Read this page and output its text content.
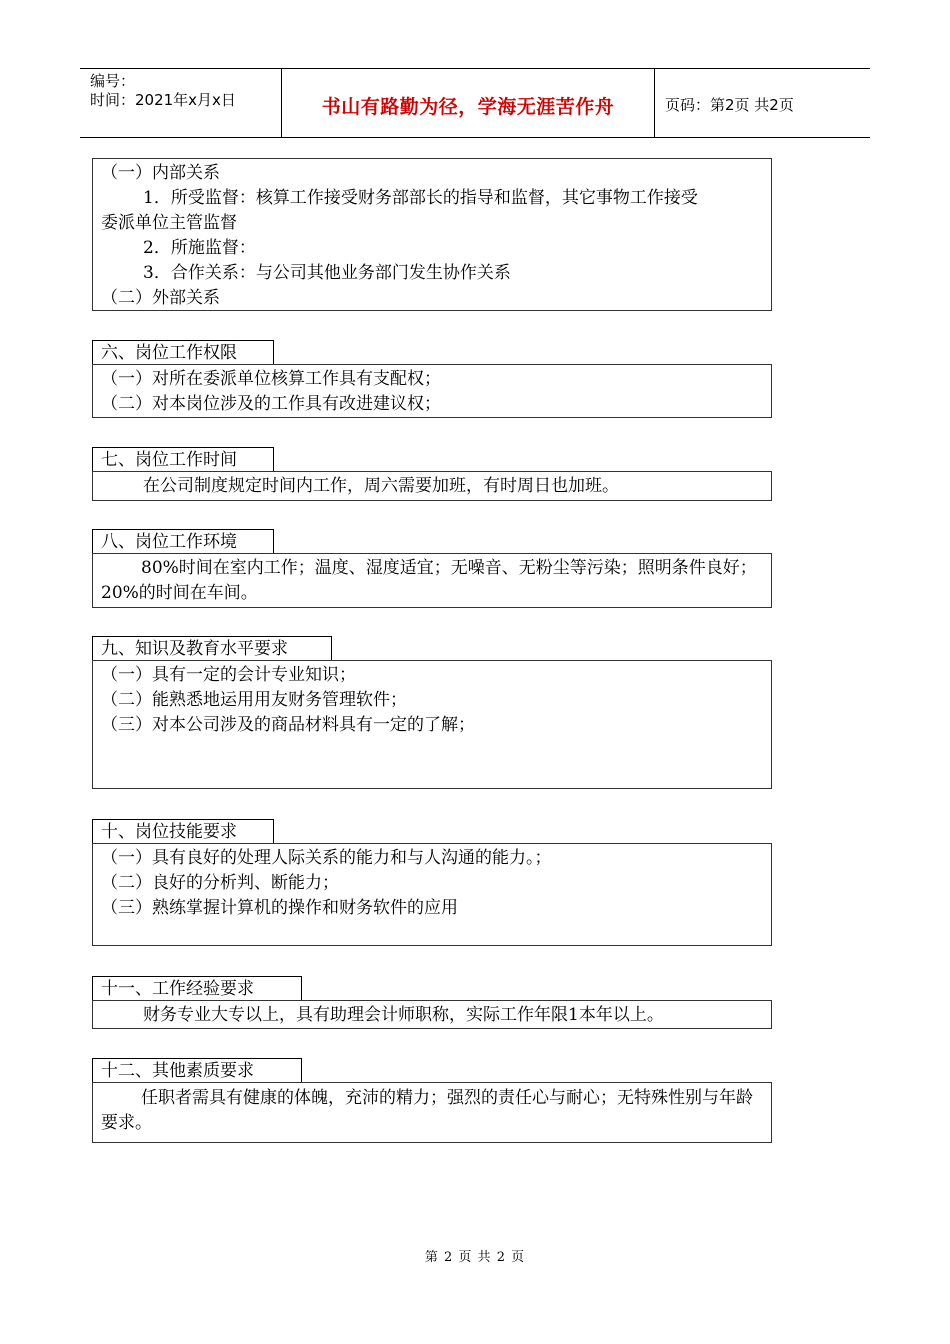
编号：
时间：2021年x月x日	书山有路勤为径，学海无涯苦作舟	页码：第2页 共2页
（一）内部关系
1．所受监督：核算工作接受财务部部长的指导和监督，其它事物工作接受
委派单位主管监督
2．所施监督：
3．合作关系：与公司其他业务部门发生协作关系
（二）外部关系
六、岗位工作权限
（一）对所在委派单位核算工作具有支配权；
（二）对本岗位涉及的工作具有改进建议权；
七、岗位工作时间
在公司制度规定时间内工作，周六需要加班，有时周日也加班。
八、岗位工作环境
80%时间在室内工作；温度、湿度适宜；无噪音、无粉尘等污染；照明条件良好；20%的时间在车间。
九、知识及教育水平要求
（一）具有一定的会计专业知识；
（二）能熟悉地运用用友财务管理软件；
（三）对本公司涉及的商品材料具有一定的了解；
十、岗位技能要求
（一）具有良好的处理人际关系的能力和与人沟通的能力。；
（二）良好的分析判、断能力；
（三）熟练掌握计算机的操作和财务软件的应用
十一、工作经验要求
财务专业大专以上，具有助理会计师职称，实际工作年限1本年以上。
十二、其他素质要求
任职者需具有健康的体魄，充沛的精力；强烈的责任心与耐心；无特殊性别与年龄要求。
第 2 页 共 2 页
